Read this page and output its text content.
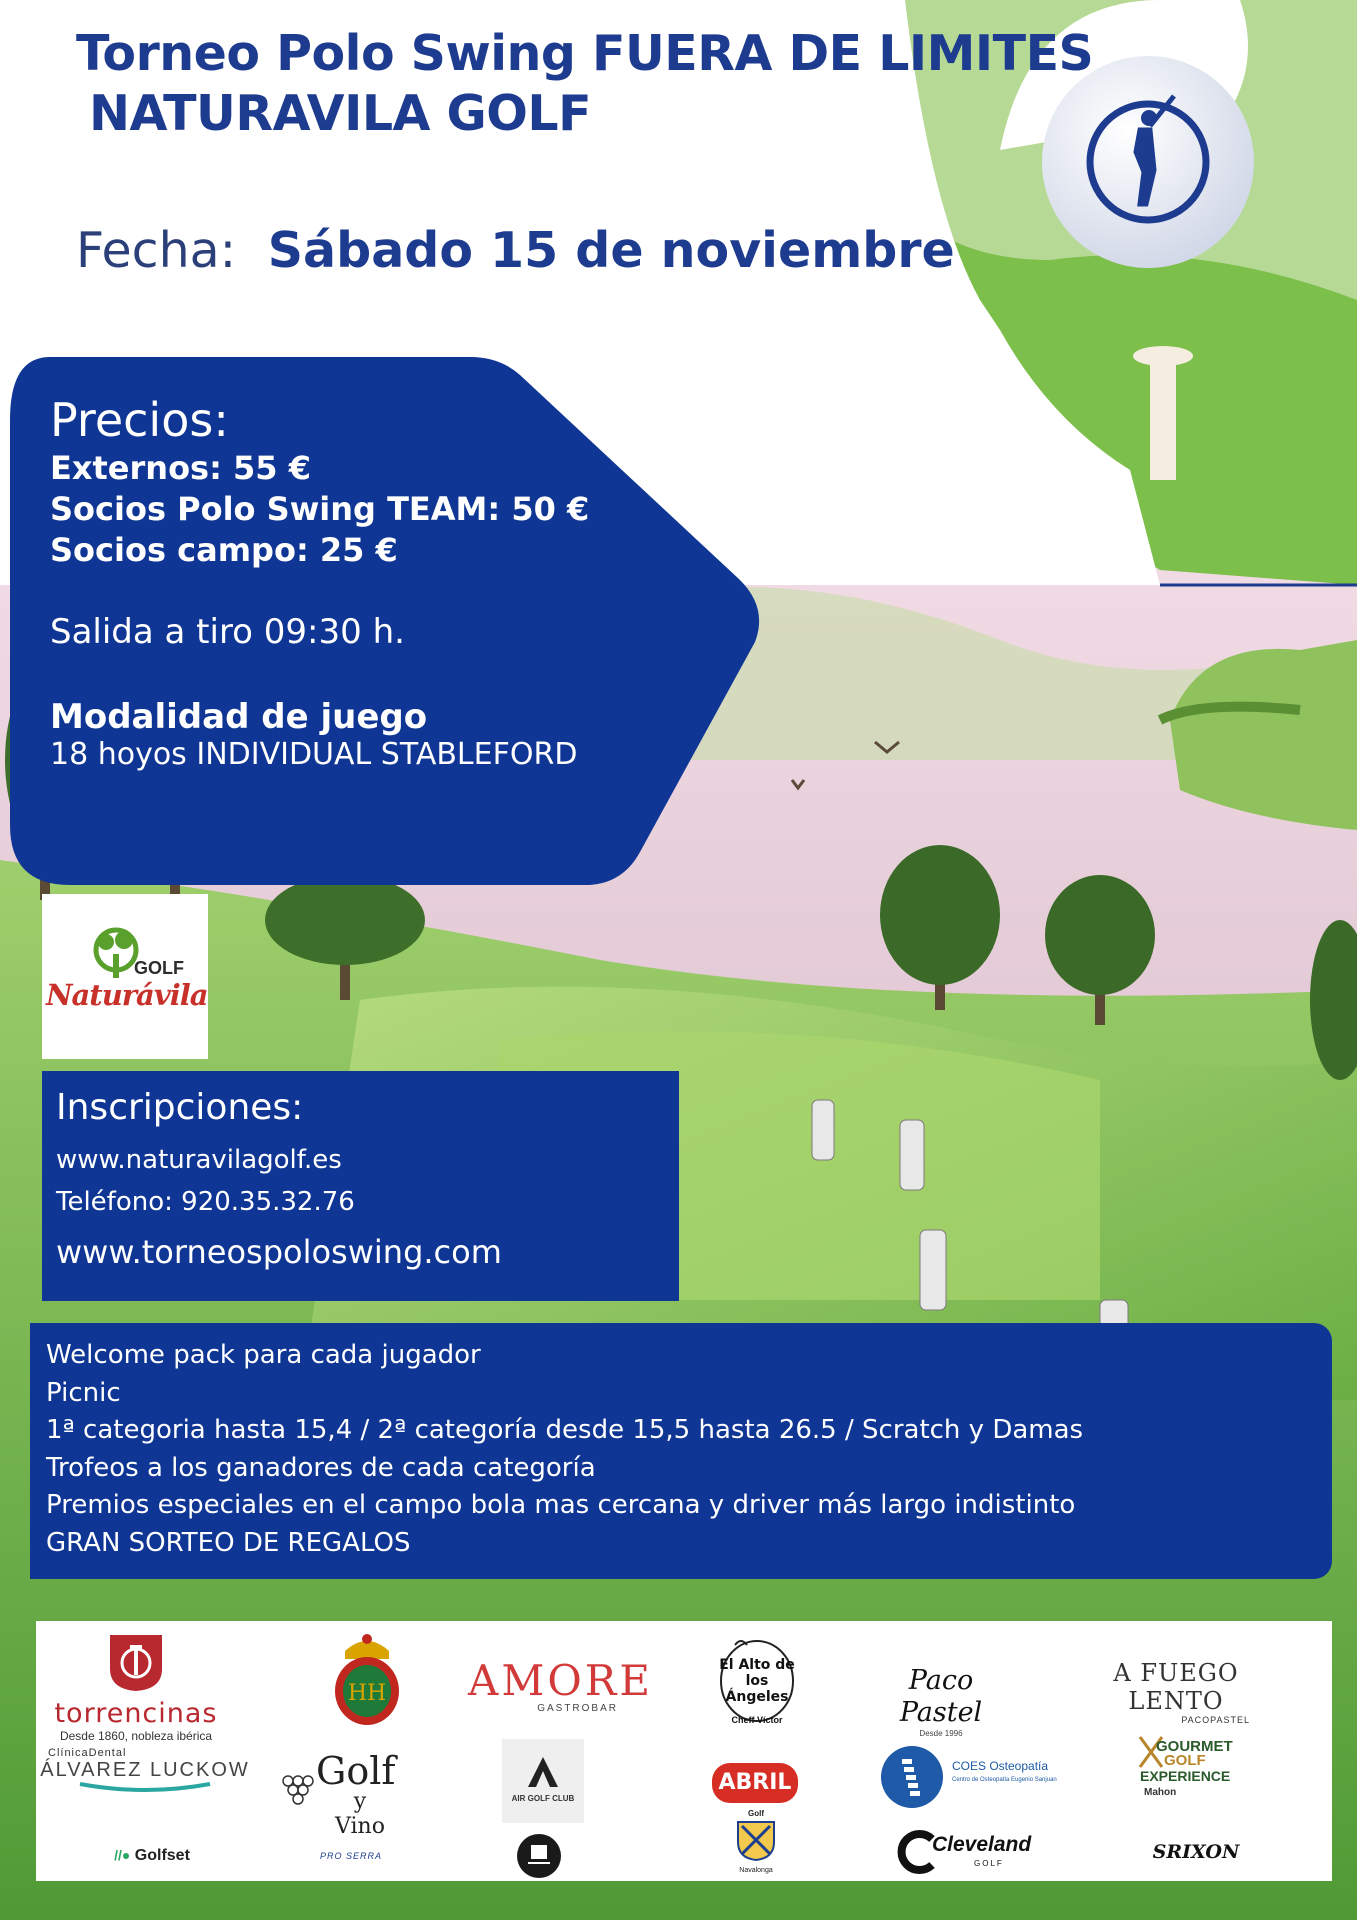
Torneo Polo Swing FUERA DE LIMITES
NATURAVILA GOLF
Fecha: Sábado 15 de noviembre
Precios:
Externos: 55 €
Socios Polo Swing TEAM: 50 €
Socios campo: 25 €
Salida a tiro 09:30 h.
Modalidad de juego
18 hoyos INDIVIDUAL STABLEFORD
GOLF
Naturávila
Inscripciones:
www.naturavilagolf.es
Teléfono: 920.35.32.76
www.torneospoloswing.com
Welcome pack para cada jugador
Picnic
1ª categoria hasta 15,4 / 2ª categoría desde 15,5 hasta 26.5 / Scratch y Damas
Trofeos a los ganadores de cada categoría
Premios especiales en el campo bola mas cercana y driver más largo indistinto
GRAN SORTEO DE REGALOS
torrencinas
Desde 1860, nobleza ibérica
HH AMORE
GASTROBAR
El Alto de los Ángeles
Cheff Víctor
Paco Pastel
Desde 1996
A FUEGO LENTO
PACOPASTEL
ClínicaDental
ÁLVAREZ LUCKOW Golf
y Vino
AIR GOLF CLUB
ABRIL
COES Osteopatía
Centro de Osteopatía Eugenio Sanjuan
GOURMET
GOLF
EXPERIENCE
Mahon
//● Golfset	PRO SERRA
Golf
Navalonga
Cleveland
GOLF
SRIXON
